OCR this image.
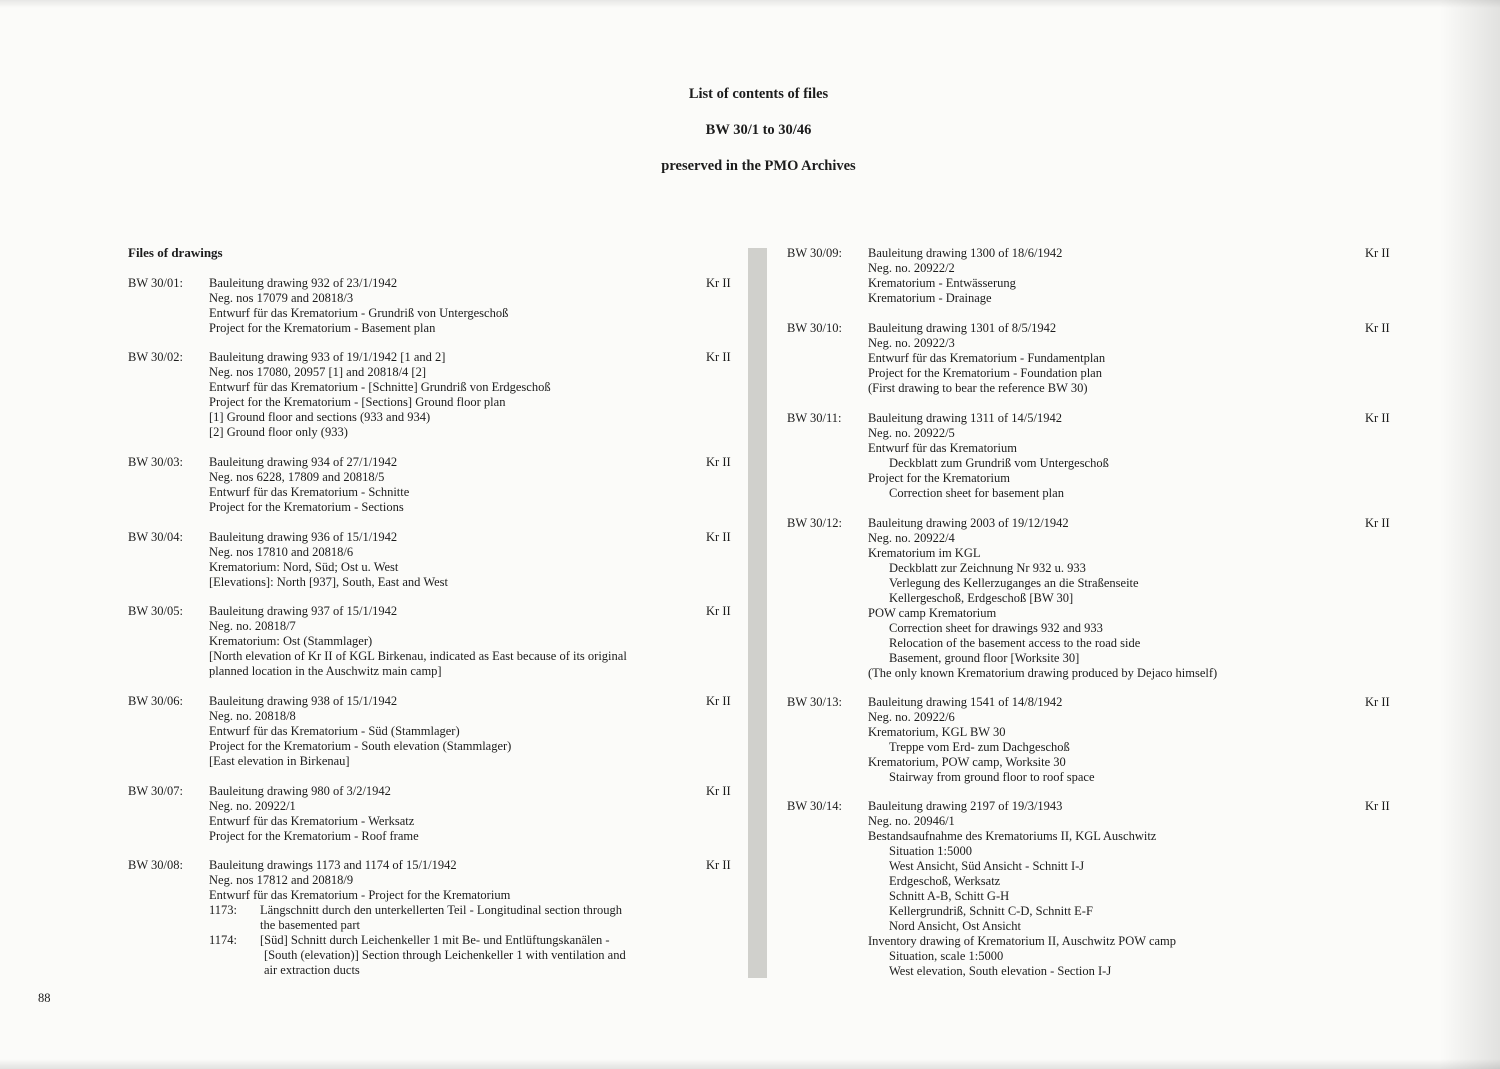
List of contents of files
BW 30/1 to 30/46
preserved in the PMO Archives
Files of drawings
BW 30/01: Bauleitung drawing 932 of 23/1/1942
Neg. nos 17079 and 20818/3
Entwurf für das Krematorium - Grundriß von Untergeschoß
Project for the Krematorium - Basement plan
Kr II
BW 30/02: Bauleitung drawing 933 of 19/1/1942 [1 and 2]
Neg. nos 17080, 20957 [1] and 20818/4 [2]
Entwurf für das Krematorium - [Schnitte] Grundriß von Erdgeschoß
Project for the Krematorium - [Sections] Ground floor plan
[1] Ground floor and sections (933 and 934)
[2] Ground floor only (933)
Kr II
BW 30/03: Bauleitung drawing 934 of 27/1/1942
Neg. nos 6228, 17809 and 20818/5
Entwurf für das Krematorium - Schnitte
Project for the Krematorium - Sections
Kr II
BW 30/04: Bauleitung drawing 936 of 15/1/1942
Neg. nos 17810 and 20818/6
Krematorium: Nord, Süd; Ost u. West
[Elevations]: North [937], South, East and West
Kr II
BW 30/05: Bauleitung drawing 937 of 15/1/1942
Neg. no. 20818/7
Krematorium: Ost (Stammlager)
[North elevation of Kr II of KGL Birkenau, indicated as East because of its original
planned location in the Auschwitz main camp]
Kr II
BW 30/06: Bauleitung drawing 938 of 15/1/1942
Neg. no. 20818/8
Entwurf für das Krematorium - Süd (Stammlager)
Project for the Krematorium - South elevation (Stammlager)
[East elevation in Birkenau]
Kr II
BW 30/07: Bauleitung drawing 980 of 3/2/1942
Neg. no. 20922/1
Entwurf für das Krematorium - Werksatz
Project for the Krematorium - Roof frame
Kr II
BW 30/08: Bauleitung drawings 1173 and 1174 of 15/1/1942
Neg. nos 17812 and 20818/9
Entwurf für das Krematorium - Project for the Krematorium
1173: Längschnitt durch den unterkellerten Teil - Longitudinal section through
the basemented part
1174: [Süd] Schnitt durch Leichenkeller 1 mit Be- und Entlüftungskanälen -
[South (elevation)] Section through Leichenkeller 1 with ventilation and
air extraction ducts
Kr II
BW 30/09: Bauleitung drawing 1300 of 18/6/1942
Neg. no. 20922/2
Krematorium - Entwässerung
Krematorium - Drainage
Kr II
BW 30/10: Bauleitung drawing 1301 of 8/5/1942
Neg. no. 20922/3
Entwurf für das Krematorium - Fundamentplan
Project for the Krematorium - Foundation plan
(First drawing to bear the reference BW 30)
Kr II
BW 30/11: Bauleitung drawing 1311 of 14/5/1942
Neg. no. 20922/5
Entwurf für das Krematorium
Deckblatt zum Grundriß vom Untergeschoß
Project for the Krematorium
Correction sheet for basement plan
Kr II
BW 30/12: Bauleitung drawing 2003 of 19/12/1942
Neg. no. 20922/4
Krematorium im KGL
Deckblatt zur Zeichnung Nr 932 u. 933
Verlegung des Kellerzuganges an die Straßenseite
Kellergeschoß, Erdgeschoß [BW 30]
POW camp Krematorium
Correction sheet for drawings 932 and 933
Relocation of the basement access to the road side
Basement, ground floor [Worksite 30]
(The only known Krematorium drawing produced by Dejaco himself)
Kr II
BW 30/13: Bauleitung drawing 1541 of 14/8/1942
Neg. no. 20922/6
Krematorium, KGL BW 30
Treppe vom Erd- zum Dachgeschoß
Krematorium, POW camp, Worksite 30
Stairway from ground floor to roof space
Kr II
BW 30/14: Bauleitung drawing 2197 of 19/3/1943
Neg. no. 20946/1
Bestandsaufnahme des Krematoriums II, KGL Auschwitz
Situation 1:5000
West Ansicht, Süd Ansicht - Schnitt I-J
Erdgeschoß, Werksatz
Schnitt A-B, Schitt G-H
Kellergrundriß, Schnitt C-D, Schnitt E-F
Nord Ansicht, Ost Ansicht
Inventory drawing of Krematorium II, Auschwitz POW camp
Situation, scale 1:5000
West elevation, South elevation - Section I-J
Kr II
88
